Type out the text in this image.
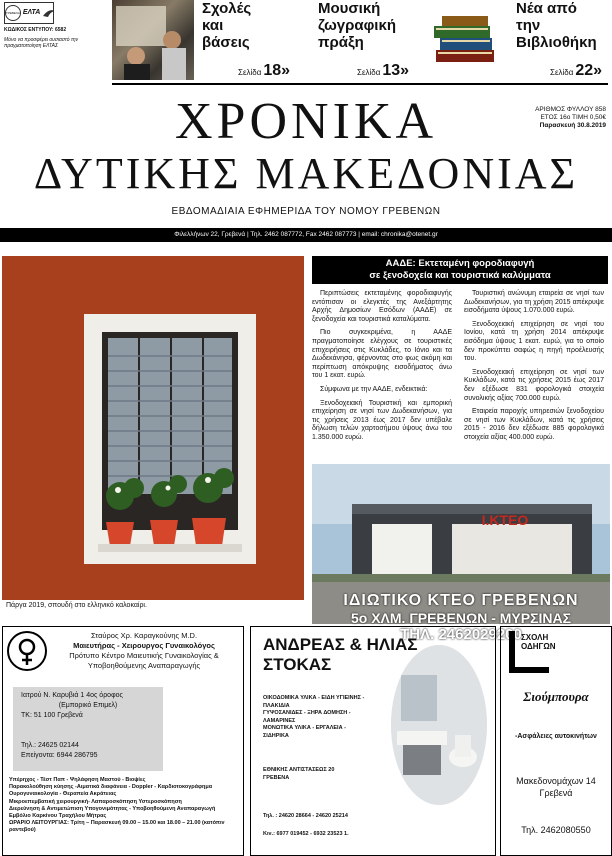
ΓΡΕΒΕΝΑ ΕΛΤΑ
ΚΩΔΙΚΟΣ ΕΝΤΥΠΟΥ: 6582
Μόνο να προσφέρει ουσιαστό την πραγματοποίηση ΕΛΤΑΣ
Σχολές
και
βάσεις
Σελίδα 18»
Μουσική
ζωγραφική
πράξη
Σελίδα 13»
Νέα από
την
Βιβλιοθήκη
Σελίδα 22»
ΧΡΟΝΙΚΑ
ΔΥΤΙΚΗΣ ΜΑΚΕΔΟΝΙΑΣ
ΑΡΙΘΜΟΣ ΦΥΛΛΟΥ 858
ΕΤΟΣ 16ο ΤΙΜΗ 0,50€
Παρασκευή 30.8.2019
ΕΒΔΟΜΑΔΙΑΙΑ ΕΦΗΜΕΡΙΔΑ ΤΟΥ ΝΟΜΟΥ ΓΡΕΒΕΝΩΝ
Φιλελλήνων 22, Γρεβενά | Τηλ. 2462 087772, Fax 2462 087773 | email: chronika@otenet.gr
Πάργα 2019, σπουδή στο ελληνικό καλοκαίρι.
ΑΑΔΕ: Εκτεταμένη φοροδιαφυγή
σε ξενοδοχεία και τουριστικά καλύμματα

Περιπτώσεις εκτεταμένης φοροδιαφυγής εντόπισαν οι ελεγκτές της Ανεξάρτητης Αρχής Δημοσίων Εσόδων (ΑΑΔΕ) σε ξενοδοχεία και τουριστικά καταλύματα.

Πιο συγκεκριμένα, η ΑΑΔΕ πραγματοποίησε ελέγχους σε τουριστικές επιχειρήσεις στις Κυκλάδες, το Ιόνιο και τα Δωδεκάνησα, φέρνοντας στο φως ακόμη και περίπτωση απόκρυψης εισοδήματος άνω του 1 εκατ. ευρώ.

Σύμφωνα με την ΑΑΔΕ, ενδεικτικά:

Ξενοδοχειακή Τουριστική και εμπορική επιχείρηση σε νησί των Δωδεκανήσων, για τις χρήσεις 2013 έως 2017 δεν υπέβαλε δήλωση τελών χαρτοσήμου ύψους άνω του 1.350.000 ευρώ.

Τουριστική ανώνυμη εταιρεία σε νησί των Δωδεκανήσων, για τη χρήση 2015 απέκρυψε εισοδήματα ύψους 1.070.000 ευρώ.

Ξενοδοχειακή επιχείρηση σε νησί του Ιονίου, κατά τη χρήση 2014 απέκρυψε εισόδημα ύψους 1 εκατ. ευρώ, για το οποίο δεν προκύπτει σαφώς η πηγή προέλευσής του.

Ξενοδοχειακή επιχείρηση σε νησί των Κυκλάδων, κατά τις χρήσεις 2015 έως 2017 δεν εξέδωσε 831 φορολογικά στοιχεία συνολικής αξίας 700.000 ευρώ.

Εταιρεία παροχής υπηρεσιών ξενοδοχείου σε νησί των Κυκλάδων, κατά τις χρήσεις 2015 - 2016 δεν εξέδωσε 885 φορολογικά στοιχεία αξίας 400.000 ευρώ.

Ι.ΚΤΕΟ
ΙΔΙΩΤΙΚΟ ΚΤΕΟ ΓΡΕΒΕΝΩΝ
5ο ΧΛΜ. ΓΡΕΒΕΝΩΝ - ΜΥΡΣΙΝΑΣ
ΤΗΛ. 2462029200
Σταύρος Χρ. Καραγκούνης M.D.
Μαιευτήρας - Χειρουργος Γυναικολόγος
Πρότυπο Κέντρο Μαιευτικής Γυναικολογίας & Υποβοηθούμενης Αναπαραγωγής
Ιατρού Ν. Καρυβιά 1 4ος όροφος
(Εμπορικό Επιμελ)
TK: 51 100 Γρεβενά
Τηλ.: 24625 02144
Επείγοντα: 6944 286795
Υπέρηχος - Τέστ Παπ - Ψηλάφηση Μαστού - Βιοψίες
Παρακολούθηση κύησης -Αιματικά διαφάνεια - Doppler - Καρδιοτοκογράφημα
Ουρογυναικολογία - Θεραπεία Ακράτειας
Μικροεπεμβατική χειρουργική- Λαπαροσκόπηση Υστεροσκόπηση
Διερεύνηση & Αντιμετώπιση Υπογονιμότητας - Υποβοηθούμενη Αναπαραγωγή
Εμβόλιο Καρκίνου Τραχήλου Μήτρας
ΩΡΑΡΙΟ ΛΕΙΤΟΥΡΓΙΑΣ: Τρίτη – Παρασκευή 09.00 – 15.00 και 18.00 – 21.00 (κατόπιν ραντεβού)
ΑΝΔΡΕΑΣ & ΗΛΙΑΣ
ΣΤΟΚΑΣ
ΟΙΚΟΔΟΜΙΚΑ ΥΛΙΚΑ - ΕΙΔΗ ΥΓΙΕΙΝΗΣ -
ΠΛΑΚΙΔΙΑ
ΓΥΨΟΣΑΝΙΔΕΣ - ΞΗΡΑ ΔΟΜΗΣΗ -
ΛΑΜΑΡΙΝΕΣ
ΜΟΝΩΤΙΚΑ ΥΛΙΚΑ - ΕΡΓΑΛΕΙΑ -
ΣΙΔΗΡΙΚΑ
ΕΘΝΙΚΗΣ ΑΝΤΙΣΤΑΣΕΩΣ 20
ΓΡΕΒΕΝΑ
Τηλ. : 24620 28664 - 24620 25214
Κιν.: 6977 019452 - 6932 23523 1.
ΣΧΟΛΗ
ΟΔΗΓΩΝ
Σιούμπουρα
-Ασφάλειες αυτοκινήτων
Μακεδονομάχων 14
Γρεβενά
Τηλ. 2462080550
